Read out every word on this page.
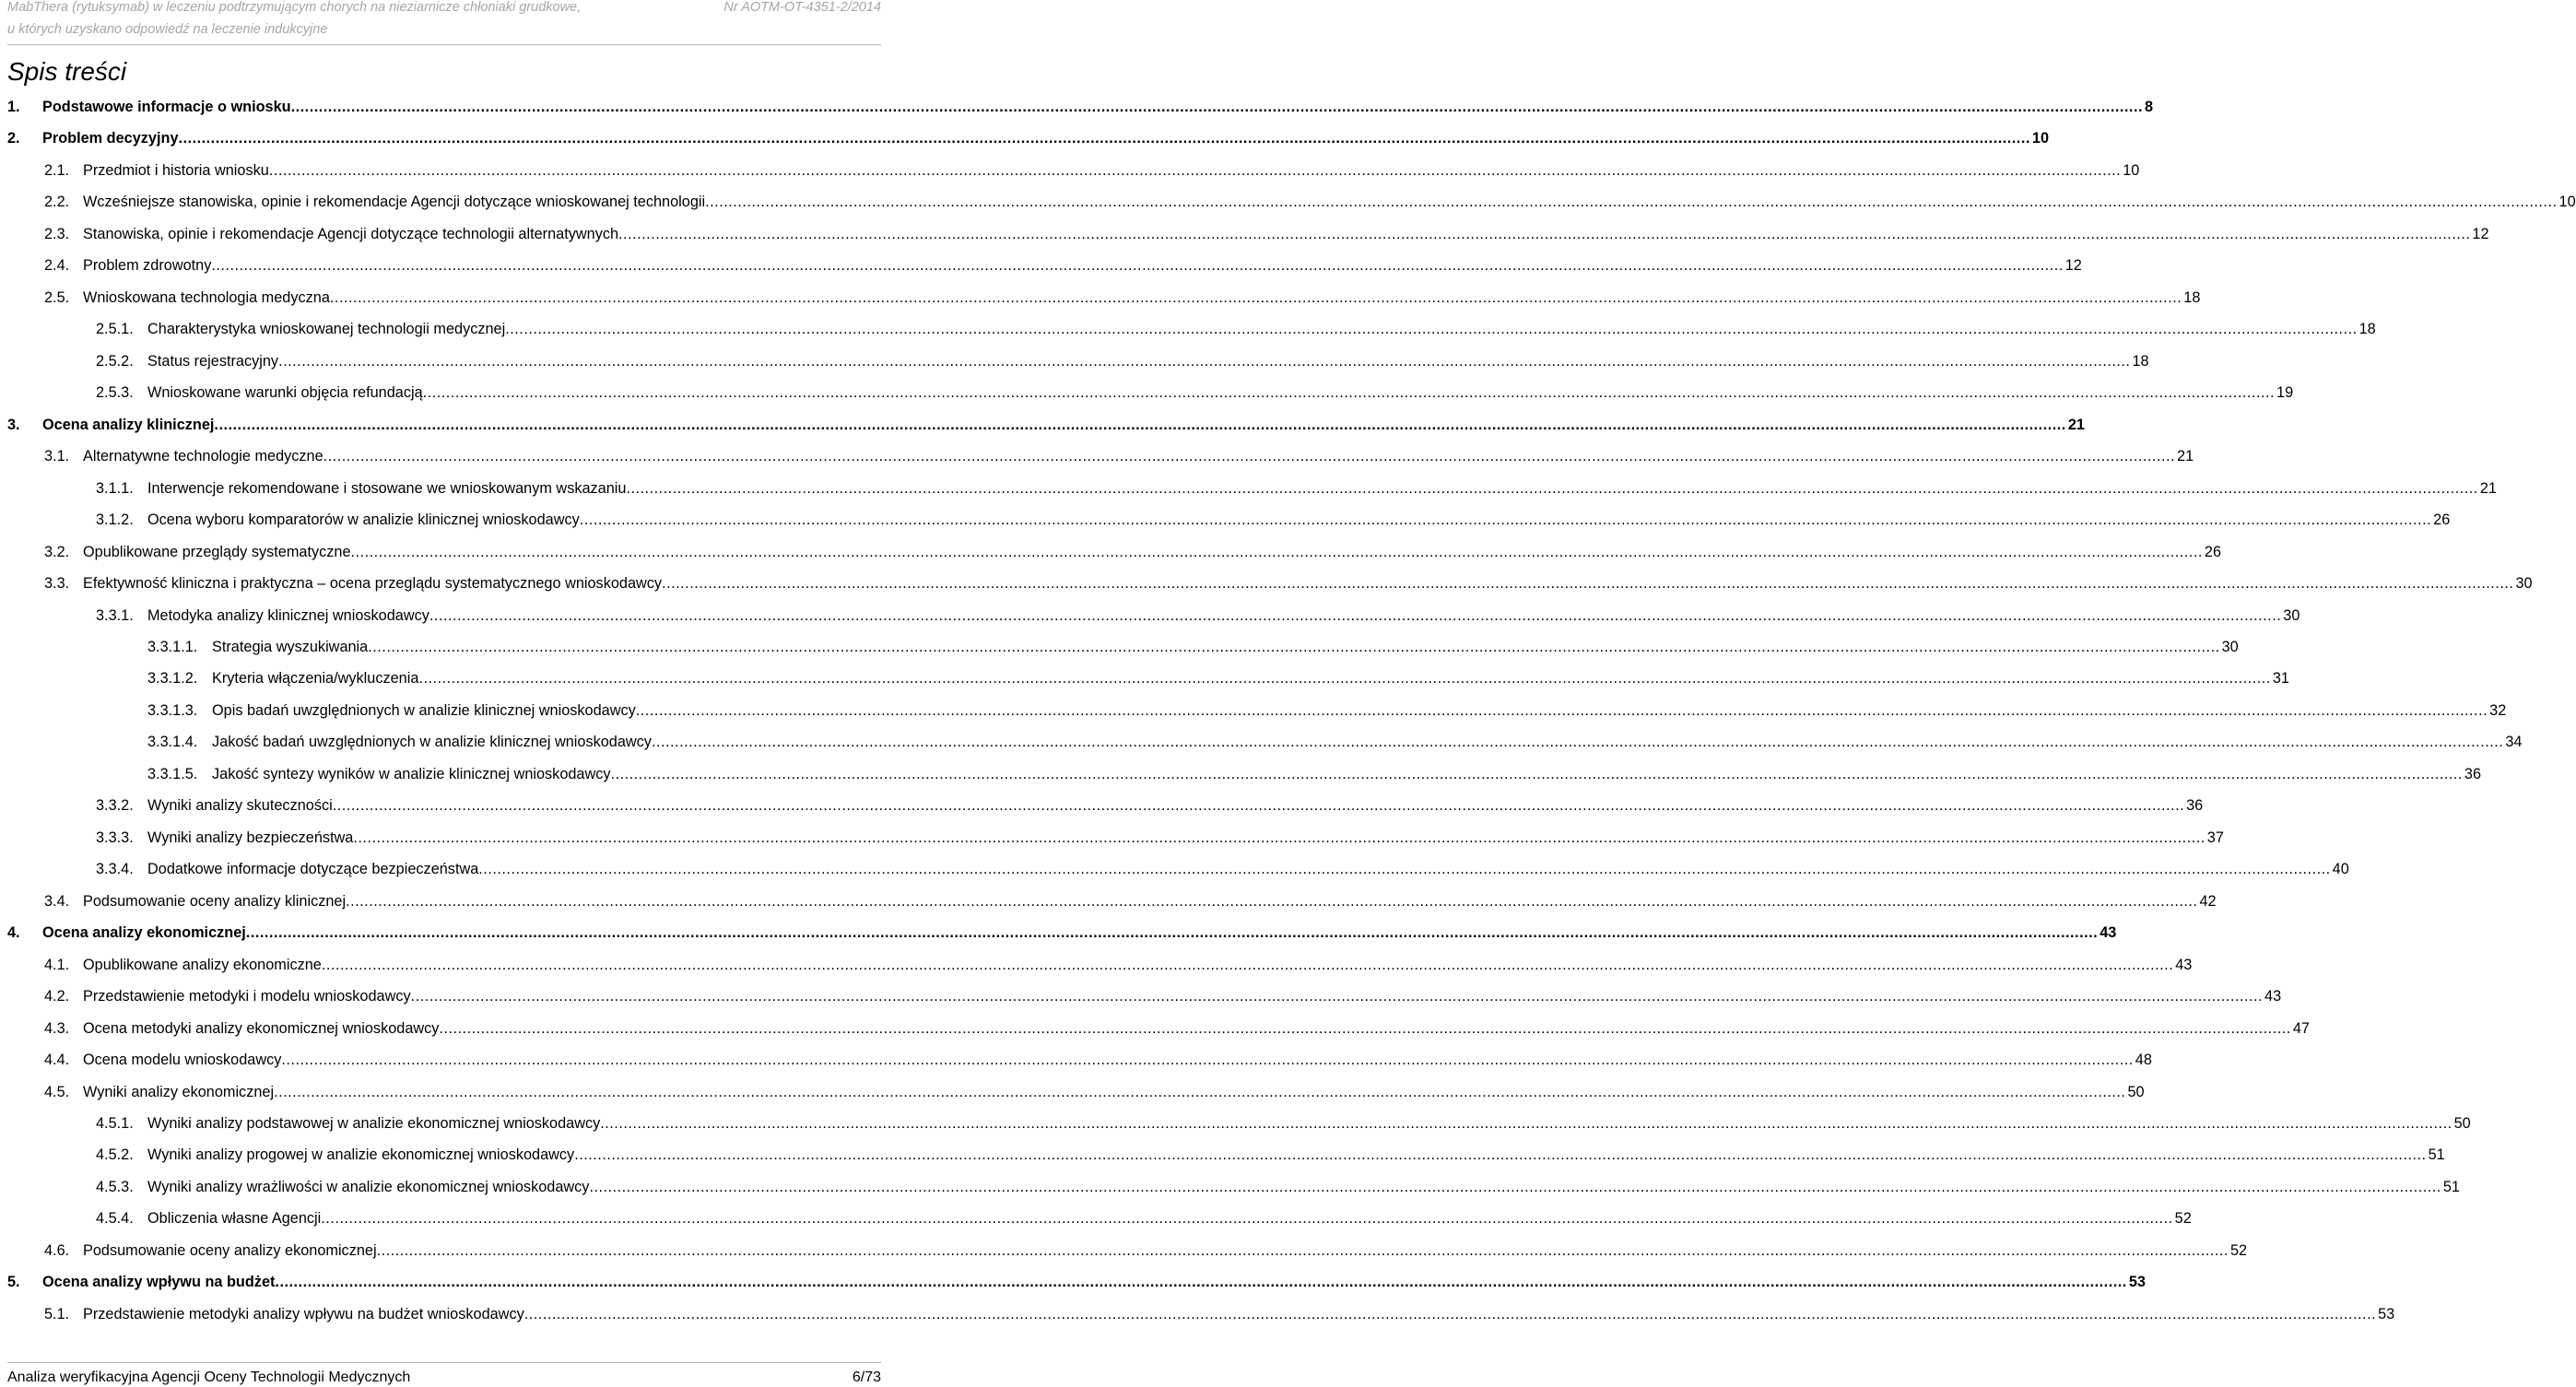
MabThera (rytuksymab) w leczeniu podtrzymującym chorych na nieziarnicze chłoniaki grudkowe,
u których uzyskano odpowiedź na leczenie indukcyjne
Nr AOTM-OT-4351-2/2014
Spis treści
1. Podstawowe informacje o wniosku ................................................................................................................................................................................................................................................................................................................................................................................................................ 8
2. Problem decyzyjny ................................................................................................................................................................................................................................................................................................................................................................................................................ 10
2.1. Przedmiot i historia wniosku ................................................................................................................................................................................................................................................................................................................................................................................................................ 10
2.2. Wcześniejsze stanowiska, opinie i rekomendacje Agencji dotyczące wnioskowanej technologii ................................................................................................................................................................................................................................................................................................................................................................................................................ 10
2.3. Stanowiska, opinie i rekomendacje Agencji dotyczące technologii alternatywnych ................................................................................................................................................................................................................................................................................................................................................................................................................ 12
2.4. Problem zdrowotny ................................................................................................................................................................................................................................................................................................................................................................................................................ 12
2.5. Wnioskowana technologia medyczna ................................................................................................................................................................................................................................................................................................................................................................................................................ 18
2.5.1. Charakterystyka wnioskowanej technologii medycznej ................................................................................................................................................................................................................................................................................................................................................................................................................ 18
2.5.2. Status rejestracyjny ................................................................................................................................................................................................................................................................................................................................................................................................................ 18
2.5.3. Wnioskowane warunki objęcia refundacją ................................................................................................................................................................................................................................................................................................................................................................................................................ 19
3. Ocena analizy klinicznej ................................................................................................................................................................................................................................................................................................................................................................................................................ 21
3.1. Alternatywne technologie medyczne ................................................................................................................................................................................................................................................................................................................................................................................................................ 21
3.1.1. Interwencje rekomendowane i stosowane we wnioskowanym wskazaniu ................................................................................................................................................................................................................................................................................................................................................................................................................ 21
3.1.2. Ocena wyboru komparatorów w analizie klinicznej wnioskodawcy ................................................................................................................................................................................................................................................................................................................................................................................................................ 26
3.2. Opublikowane przeglądy systematyczne ................................................................................................................................................................................................................................................................................................................................................................................................................ 26
3.3. Efektywność kliniczna i praktyczna – ocena przeglądu systematycznego wnioskodawcy ................................................................................................................................................................................................................................................................................................................................................................................................................ 30
3.3.1. Metodyka analizy klinicznej wnioskodawcy ................................................................................................................................................................................................................................................................................................................................................................................................................ 30
3.3.1.1. Strategia wyszukiwania ................................................................................................................................................................................................................................................................................................................................................................................................................ 30
3.3.1.2. Kryteria włączenia/wykluczenia ................................................................................................................................................................................................................................................................................................................................................................................................................ 31
3.3.1.3. Opis badań uwzględnionych w analizie klinicznej wnioskodawcy ................................................................................................................................................................................................................................................................................................................................................................................................................ 32
3.3.1.4. Jakość badań uwzględnionych w analizie klinicznej wnioskodawcy ................................................................................................................................................................................................................................................................................................................................................................................................................ 34
3.3.1.5. Jakość syntezy wyników w analizie klinicznej wnioskodawcy ................................................................................................................................................................................................................................................................................................................................................................................................................ 36
3.3.2. Wyniki analizy skuteczności ................................................................................................................................................................................................................................................................................................................................................................................................................ 36
3.3.3. Wyniki analizy bezpieczeństwa ................................................................................................................................................................................................................................................................................................................................................................................................................ 37
3.3.4. Dodatkowe informacje dotyczące bezpieczeństwa ................................................................................................................................................................................................................................................................................................................................................................................................................ 40
3.4. Podsumowanie oceny analizy klinicznej ................................................................................................................................................................................................................................................................................................................................................................................................................ 42
4. Ocena analizy ekonomicznej ................................................................................................................................................................................................................................................................................................................................................................................................................ 43
4.1. Opublikowane analizy ekonomiczne ................................................................................................................................................................................................................................................................................................................................................................................................................ 43
4.2. Przedstawienie metodyki i modelu wnioskodawcy ................................................................................................................................................................................................................................................................................................................................................................................................................ 43
4.3. Ocena metodyki analizy ekonomicznej wnioskodawcy ................................................................................................................................................................................................................................................................................................................................................................................................................ 47
4.4. Ocena modelu wnioskodawcy ................................................................................................................................................................................................................................................................................................................................................................................................................ 48
4.5. Wyniki analizy ekonomicznej ................................................................................................................................................................................................................................................................................................................................................................................................................ 50
4.5.1. Wyniki analizy podstawowej w analizie ekonomicznej wnioskodawcy ................................................................................................................................................................................................................................................................................................................................................................................................................ 50
4.5.2. Wyniki analizy progowej w analizie ekonomicznej wnioskodawcy ................................................................................................................................................................................................................................................................................................................................................................................................................ 51
4.5.3. Wyniki analizy wrażliwości w analizie ekonomicznej wnioskodawcy ................................................................................................................................................................................................................................................................................................................................................................................................................ 51
4.5.4. Obliczenia własne Agencji ................................................................................................................................................................................................................................................................................................................................................................................................................ 52
4.6. Podsumowanie oceny analizy ekonomicznej ................................................................................................................................................................................................................................................................................................................................................................................................................ 52
5. Ocena analizy wpływu na budżet ................................................................................................................................................................................................................................................................................................................................................................................................................ 53
5.1. Przedstawienie metodyki analizy wpływu na budżet wnioskodawcy ................................................................................................................................................................................................................................................................................................................................................................................................................ 53
Analiza weryfikacyjna Agencji Oceny Technologii Medycznych	6/73
